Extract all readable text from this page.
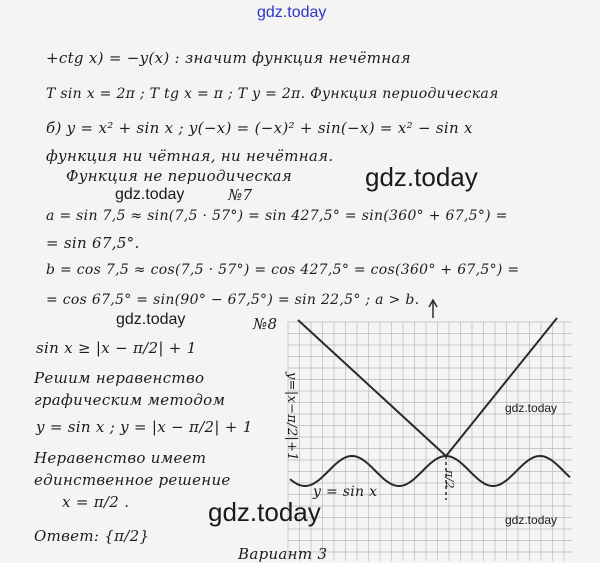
gdz.today
gdz.today
gdz.today
gdz.today
gdz.today
gdz.today	gdz.today
+ctg x) = −y(x) : значит функция нечётная
T sin x = 2π ; T tg x = π ; T y = 2π. Функция периодическая
б) y = x² + sin x ; y(−x) = (−x)² + sin(−x) = x² − sin x
функция ни чётная, ни нечётная.
Функция не периодическая
№7
a = sin 7,5 ≈ sin(7,5 · 57°) = sin 427,5° = sin(360° + 67,5°) =
= sin 67,5°.
b = cos 7,5 ≈ cos(7,5 · 57°) = cos 427,5° = cos(360° + 67,5°) =
= cos 67,5° = sin(90° − 67,5°) = sin 22,5° ; a > b.
№8
sin x ≥ |x − π/2| + 1
Решим неравенство
графическим методом
y = sin x ; y = |x − π/2| + 1
Неравенство имеет
единственное решение
x = π/2 .
Ответ: {π/2}
Вариант 3
y=|x−π/2|+1
y = sin x
π/2
